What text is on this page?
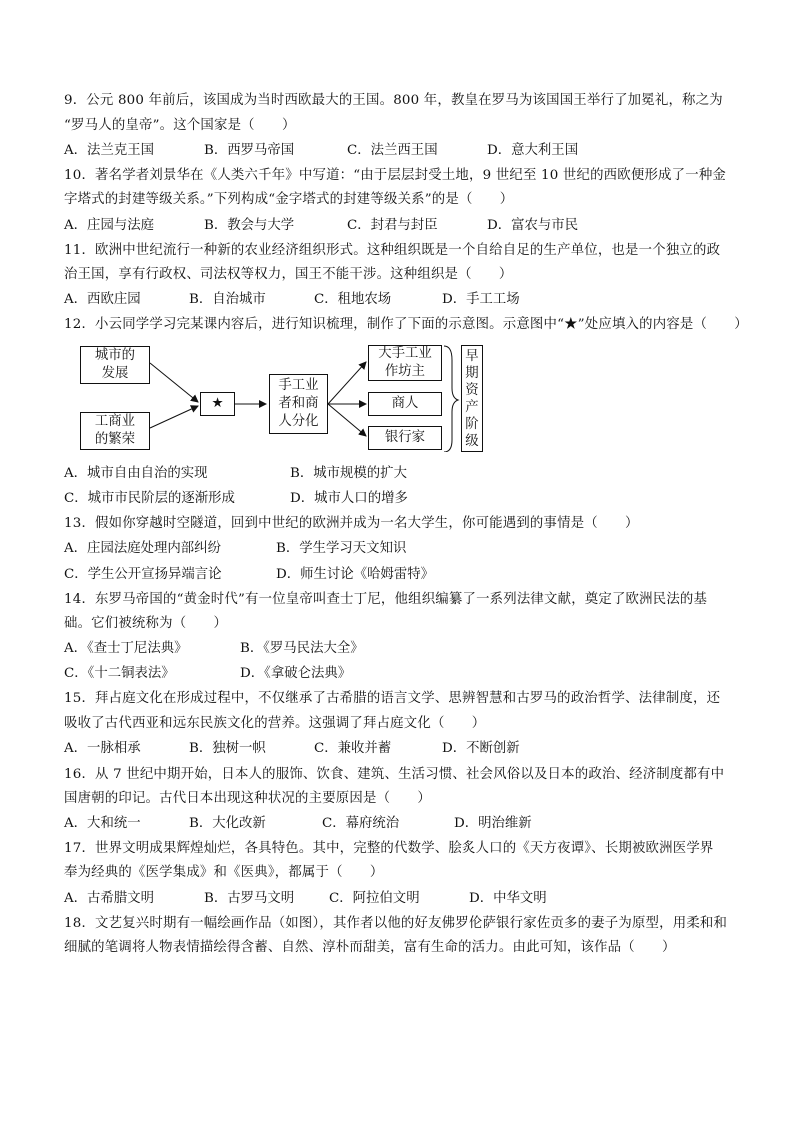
9．公元 800 年前后，该国成为当时西欧最大的王国。800 年，教皇在罗马为该国国王举行了加冕礼，称之为
“罗马人的皇帝”。这个国家是（　　）
A．法兰克王国	B．西罗马帝国	C．法兰西王国	D．意大利王国
10．著名学者刘景华在《人类六千年》中写道：“由于层层封受土地，9 世纪至 10 世纪的西欧便形成了一种金
字塔式的封建等级关系。”下列构成“金字塔式的封建等级关系”的是（　　）
A．庄园与法庭	B．教会与大学	C．封君与封臣	D．富农与市民
11．欧洲中世纪流行一种新的农业经济组织形式。这种组织既是一个自给自足的生产单位，也是一个独立的政
治王国，享有行政权、司法权等权力，国王不能干涉。这种组织是（　　）
A．西欧庄园	B．自治城市	C．租地农场	D．手工工场
12．小云同学学习完某课内容后，进行知识梳理，制作了下面的示意图。示意图中“★”处应填入的内容是（　　）
城市的
发展
工商业
的繁荣
★
手工业
者和商
人分化
大手工业
作坊主
商人
银行家
早
期
资
产
阶
级
A．城市自由自治的实现	B．城市规模的扩大
C．城市市民阶层的逐渐形成	D．城市人口的增多
13．假如你穿越时空隧道，回到中世纪的欧洲并成为一名大学生，你可能遇到的事情是（　　）
A．庄园法庭处理内部纠纷	B．学生学习天文知识
C．学生公开宣扬异端言论	D．师生讨论《哈姆雷特》
14．东罗马帝国的“黄金时代”有一位皇帝叫查士丁尼，他组织编纂了一系列法律文献，奠定了欧洲民法的基
础。它们被统称为（　　）
A．《查士丁尼法典》	B．《罗马民法大全》
C．《十二铜表法》	D．《拿破仑法典》
15．拜占庭文化在形成过程中，不仅继承了古希腊的语言文学、思辨智慧和古罗马的政治哲学、法律制度，还
吸收了古代西亚和远东民族文化的营养。这强调了拜占庭文化（　　）
A．一脉相承	B．独树一帜	C．兼收并蓄	D．不断创新
16．从 7 世纪中期开始，日本人的服饰、饮食、建筑、生活习惯、社会风俗以及日本的政治、经济制度都有中
国唐朝的印记。古代日本出现这种状况的主要原因是（　　）
A．大和统一	B．大化改新	C．幕府统治	D．明治维新
17．世界文明成果辉煌灿烂，各具特色。其中，完整的代数学、脍炙人口的《天方夜谭》、长期被欧洲医学界
奉为经典的《医学集成》和《医典》，都属于（　　）
A．古希腊文明	B．古罗马文明	C．阿拉伯文明	D．中华文明
18．文艺复兴时期有一幅绘画作品（如图），其作者以他的好友佛罗伦萨银行家佐贡多的妻子为原型，用柔和和
细腻的笔调将人物表情描绘得含蓄、自然、淳朴而甜美，富有生命的活力。由此可知，该作品（　　）
